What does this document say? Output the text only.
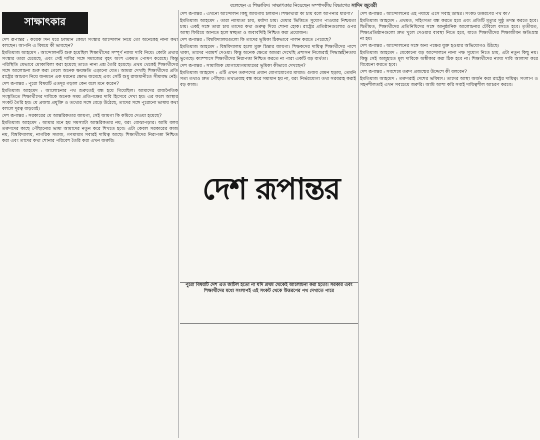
সাক্ষাৎকার
বলেছেন এ শিক্ষাবিদ। সাক্ষাৎকার নিয়েছেন সম্পাদকীয় বিভাগের সাদিদ জুবেরী

দেশ রূপান্তর : কয়েক দিন ধরে চলমান কোটা সংস্কার আন্দোলন নিয়ে তো অনেকেই নানা কথা বলছেন। আপনি এ বিষয়ে কী ভাবছেন?

ইমতিয়াজ আহমেদ : আন্দোলনটি শুরু হয়েছিল শিক্ষার্থীদের সম্পূর্ণ ন্যায্য দাবি নিয়ে। কোটা প্রথার সংস্কার তারা চেয়েছে, এবং সেই দাবির সঙ্গে সমাজের বৃহৎ অংশ একমত পোষণ করেছে। কিন্তু পরিস্থিতি যেভাবে মোকাবিলা করা হয়েছে তাতে নানা প্রশ্ন তৈরি হয়েছে। প্রথম থেকেই শিক্ষার্থীদের সঙ্গে আলোচনা শুরু করা গেলে অনেক ক্ষয়ক্ষতি এড়ানো যেত। আমরা দেখছি শিক্ষার্থীদের প্রতি রাষ্ট্রের আচরণ নিয়ে জনমনে এক ধরনের ক্ষোভ জমেছে এবং সেটি শুধু রাজধানীতে সীমাবদ্ধ নেই।

দেশ রূপান্তর : পুরো বিষয়টি এতদূর গড়াল কেন বলে মনে করেন?

ইমতিয়াজ আহমেদ : আলোচনার পথ শুরুতেই বন্ধ হয়ে গিয়েছিল। আমাদের রাজনৈতিক সংস্কৃতিতে শিক্ষার্থীদের দাবিকে অনেক সময় প্রতিপক্ষের দাবি হিসেবে দেখা হয়। এর ফলে আস্থার সংকট তৈরি হয়। যে প্রজন্ম প্রযুক্তি ও তথ্যের সঙ্গে বেড়ে উঠেছে, তাদের সঙ্গে পুরোনো ভাষায় কথা বললে দূরত্ব বাড়বেই।

দেশ রূপান্তর : সরকারের যে আন্তরিকতার জায়গা, সেই জায়গা কি কমিয়ে দেওয়া হয়েছে?

ইমতিয়াজ আহমেদ : আমার মনে হয় সমস্যাটা আন্তরিকতার নয়, বরং বোঝাপড়ার। আমি বলব তরুণদের কাছে পৌঁছানোর ভাষা আমাদের নতুন করে শিখতে হবে। এটা কেবল সরকারের কাজ নয়, বিশ্ববিদ্যালয়, নাগরিক সমাজ, গণমাধ্যম সবারই দায়িত্ব আছে। শিক্ষার্থীদের নিরাপত্তা নিশ্চিত করা এবং তাদের কথা শোনার পরিবেশ তৈরি করা এখন জরুরি।

দেশ রূপান্তর : এখনো আন্দোলন কিছু জায়গায় চলমান। শিক্ষার্থীরা কী চায় বলে আপনার ধারণা?

ইমতিয়াজ আহমেদ : তারা ন্যায্যতা চায়, মর্যাদা চায়। মেধার ভিত্তিতে সুযোগ পাওয়ার নিশ্চয়তা চায়। একই সঙ্গে তারা চায় তাদের কথা গুরুত্ব দিয়ে শোনা হোক। রাষ্ট্রের প্রতিষ্ঠানগুলোর ওপর আস্থা ফিরিয়ে আনতে হলে স্বচ্ছতা ও জবাবদিহি নিশ্চিত করা প্রয়োজন।

দেশ রূপান্তর : বিশ্ববিদ্যালয়গুলো কি তাদের ভূমিকা ঠিকভাবে পালন করতে পেরেছে?

ইমতিয়াজ আহমেদ : বিশ্ববিদ্যালয় হলো মুক্ত চিন্তার জায়গা। শিক্ষকদের দায়িত্ব শিক্ষার্থীদের পাশে থাকা, তাদের পরামর্শ দেওয়া। কিন্তু অনেক ক্ষেত্রে আমরা দেখেছি প্রশাসন নিজেরাই সিদ্ধান্তহীনতায় ভুগেছে। ক্যাম্পাসে শিক্ষার্থীদের নিরাপত্তা নিশ্চিত করতে না পারা একটি বড় ব্যর্থতা।

দেশ রূপান্তর : সামাজিক যোগাযোগমাধ্যমের ভূমিকা কীভাবে দেখছেন?

ইমতিয়াজ আহমেদ : এটি এখন তরুণদের প্রধান যোগাযোগের মাধ্যম। গুজব যেমন ছড়ায়, তেমনি সত্য তথ্যও দ্রুত পৌঁছায়। তথ্যপ্রবাহ বন্ধ করে সমাধান হয় না, বরং নির্ভরযোগ্য তথ্য সরবরাহ করাই বড় কাজ।

দেশ রূপান্তর : আন্দোলনের এই পর্যায়ে এসে সবাই উদ্বিগ্ন। সংকট উত্তরণের পথ কী?

ইমতিয়াজ আহমেদ : প্রথমত, সহিংসতা বন্ধ করতে হবে এবং প্রতিটি মৃত্যুর সুষ্ঠু তদন্ত করতে হবে। দ্বিতীয়ত, শিক্ষার্থীদের প্রতিনিধিদের সঙ্গে আনুষ্ঠানিক আলোচনার টেবিলে বসতে হবে। তৃতীয়ত, শিক্ষাপ্রতিষ্ঠানগুলো দ্রুত খুলে দেওয়ার ব্যবস্থা নিতে হবে, যাতে শিক্ষার্থীদের শিক্ষাজীবন ক্ষতিগ্রস্ত না হয়।

দেশ রূপান্তর : আন্দোলনের সঙ্গে অন্য পক্ষের যুক্ত হওয়ার অভিযোগও উঠছে।

ইমতিয়াজ আহমেদ : যেকোনো বড় আন্দোলনে নানা পক্ষ সুযোগ নিতে চায়, এটা নতুন কিছু নয়। কিন্তু সেই অজুহাতে মূল দাবিকে অস্বীকার করা ঠিক হবে না। শিক্ষার্থীদের ন্যায্য দাবি আলাদা করে বিবেচনা করতে হবে।

দেশ রূপান্তর : সবশেষে তরুণ প্রজন্মের উদ্দেশে কী বলবেন?

ইমতিয়াজ আহমেদ : তরুণরাই দেশের ভবিষ্যৎ। তাদের আস্থা অর্জন করা রাষ্ট্রের দায়িত্ব। সংলাপ ও সহনশীলতাই এখন সবচেয়ে জরুরি। আমি আশা করি সবাই দায়িত্বশীল আচরণ করবে।

দেশ রূপান্তর
পুরো বিষয়টি দেশ এত জটিল হতো না যদি প্রথম থেকেই আলোচনা করা হতো। সরকার এবং শিক্ষার্থীদের মধ্যে সংলাপই এই সংকট থেকে উত্তরণের পথ দেখাতে পারে
